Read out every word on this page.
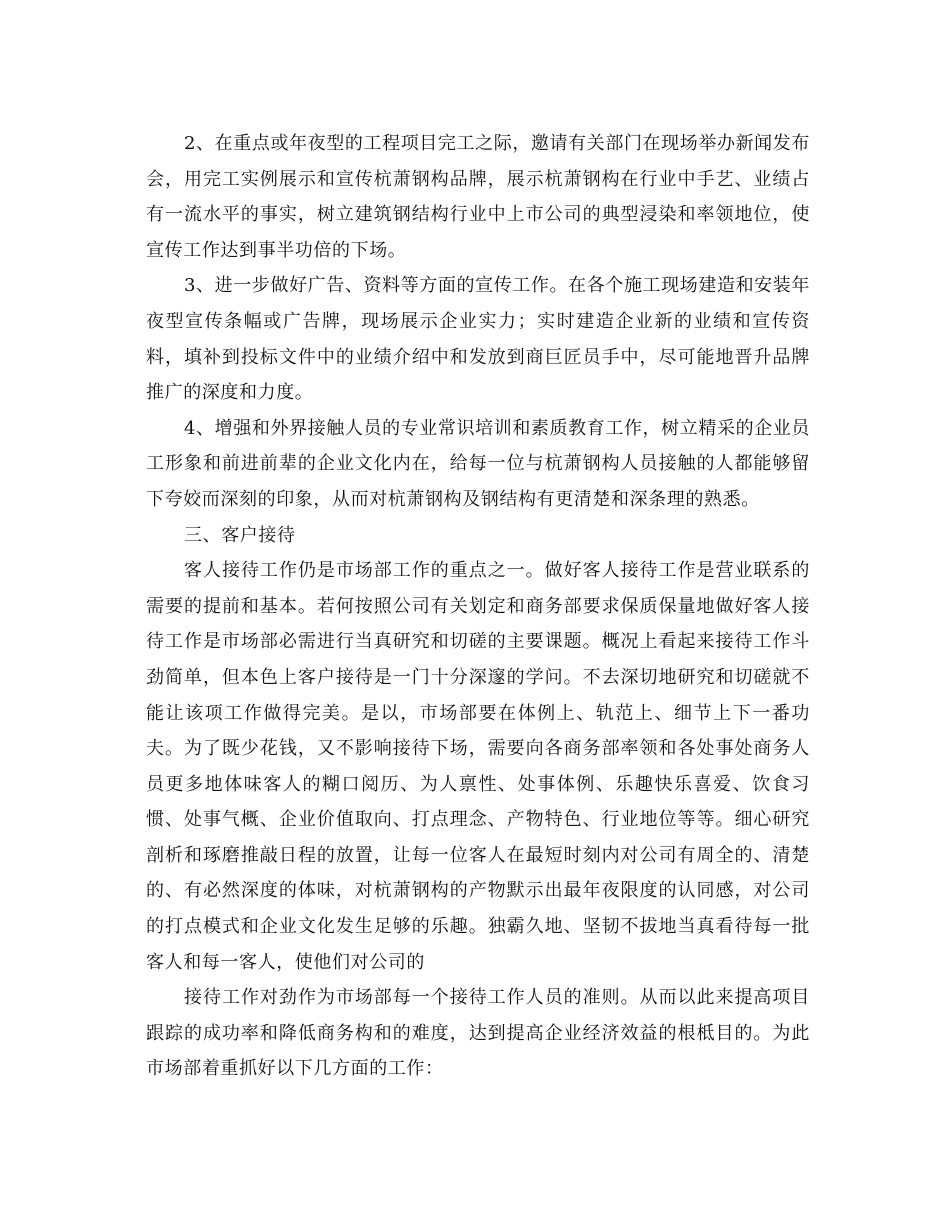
2、在重点或年夜型的工程项目完工之际，邀请有关部门在现场举办新闻发布会，用完工实例展示和宣传杭萧钢构品牌，展示杭萧钢构在行业中手艺、业绩占有一流水平的事实，树立建筑钢结构行业中上市公司的典型浸染和率领地位，使宣传工作达到事半功倍的下场。

3、进一步做好广告、资料等方面的宣传工作。在各个施工现场建造和安装年夜型宣传条幅或广告牌，现场展示企业实力；实时建造企业新的业绩和宣传资料，填补到投标文件中的业绩介绍中和发放到商巨匠员手中，尽可能地晋升品牌推广的深度和力度。

4、增强和外界接触人员的专业常识培训和素质教育工作，树立精采的企业员工形象和前进前辈的企业文化内在，给每一位与杭萧钢构人员接触的人都能够留下夸姣而深刻的印象，从而对杭萧钢构及钢结构有更清楚和深条理的熟悉。

三、客户接待

客人接待工作仍是市场部工作的重点之一。做好客人接待工作是营业联系的需要的提前和基本。若何按照公司有关划定和商务部要求保质保量地做好客人接待工作是市场部必需进行当真研究和切磋的主要课题。概况上看起来接待工作斗劲简单，但本色上客户接待是一门十分深邃的学问。不去深切地研究和切磋就不能让该项工作做得完美。是以，市场部要在体例上、轨范上、细节上下一番功夫。为了既少花钱，又不影响接待下场，需要向各商务部率领和各处事处商务人员更多地体味客人的糊口阅历、为人禀性、处事体例、乐趣快乐喜爱、饮食习惯、处事气概、企业价值取向、打点理念、产物特色、行业地位等等。细心研究剖析和琢磨推敲日程的放置，让每一位客人在最短时刻内对公司有周全的、清楚的、有必然深度的体味，对杭萧钢构的产物默示出最年夜限度的认同感，对公司的打点模式和企业文化发生足够的乐趣。独霸久地、坚韧不拔地当真看待每一批客人和每一客人，使他们对公司的

接待工作对劲作为市场部每一个接待工作人员的准则。从而以此来提高项目跟踪的成功率和降低商务构和的难度，达到提高企业经济效益的根柢目的。为此市场部着重抓好以下几方面的工作：
